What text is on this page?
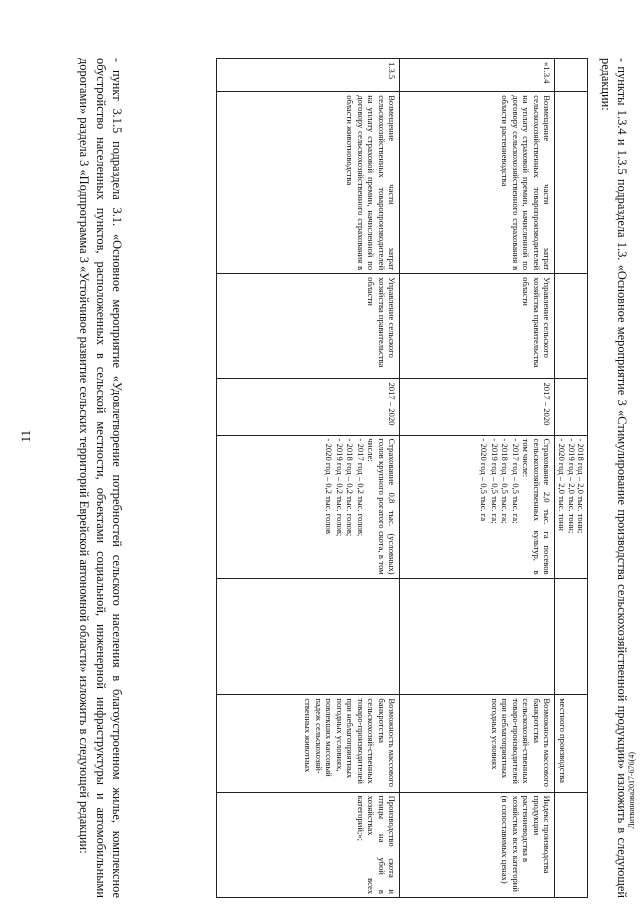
11
Литвинова2017-676(4)
- пункты 1.3.4 и 1.3.5 подраздела 1.3. «Основное мероприятие 3 «Стимулирование производства сельскохозяйственной продукции» изложить в следующей редакции:
				- 2018 год – 2,0 тыс. тонн;
- 2019 год – 2,0 тыс. тонн;
- 2020 год – 2,0 тыс. тонн		местного производства	
«1.3.4	Возмещение части затрат сельскохозяйственных товаропроизводителей на уплату страховой премии, начисленной по договору сельскохозяйственного страхования в области растениеводства	Управление сельского хозяйства правительства области	2017 – 2020	Страхование 2,0 тыс. га посевов сельскохозяйственных культур, в том числе:
- 2017 год – 0,5 тыс. га;
- 2018 год – 0,5 тыс. га;
- 2019 год – 0,5 тыс. га;
- 2020 год – 0,5 тыс. га		Возможность массового банкротства сельскохозяй-ственных товаро-производителей при неблагоприятных погодных условиях	Индекс производства продукции растениеводства в хозяйствах всех категорий (в сопоставимых ценах)
1.3.5	Возмещение части затрат сельскохозяйственных товаропроизводителей на уплату страховой премии, начисленной по договору сельскохозяйственного страхования в области животноводства	Управление сельского хозяйства правительства области	2017 – 2020	Страхование 0,8 тыс. (условных) голов крупного рогатого скота, в том числе:
- 2017 год – 0,2 тыс. голов;
- 2018 год – 0,2 тыс. голов;
- 2019 год – 0,2 тыс. голов;
- 2020 год – 0,2 тыс. голов		Возможность массового банкротства сельскохозяй-ственных товаро-производителей при неблагоприятных погодных условиях, повлекших массовый падеж сельскохозяй-ственных животных	Производство скота и птицы на убой в хозяйствах всех категорий;»;
- пункт 3.1.5 подраздела 3.1. «Основное мероприятие «Удовлетворение потребностей сельского населения в благоустроенном жилье, комплексное обустройство населенных пунктов, расположенных в сельской местности, объектами социальной, инженерной инфраструктуры и автомобильными дорогами» раздела 3 «Подпрограмма 3 «Устойчивое развитие сельских территорий Еврейской автономной области» изложить в следующей редакции:
